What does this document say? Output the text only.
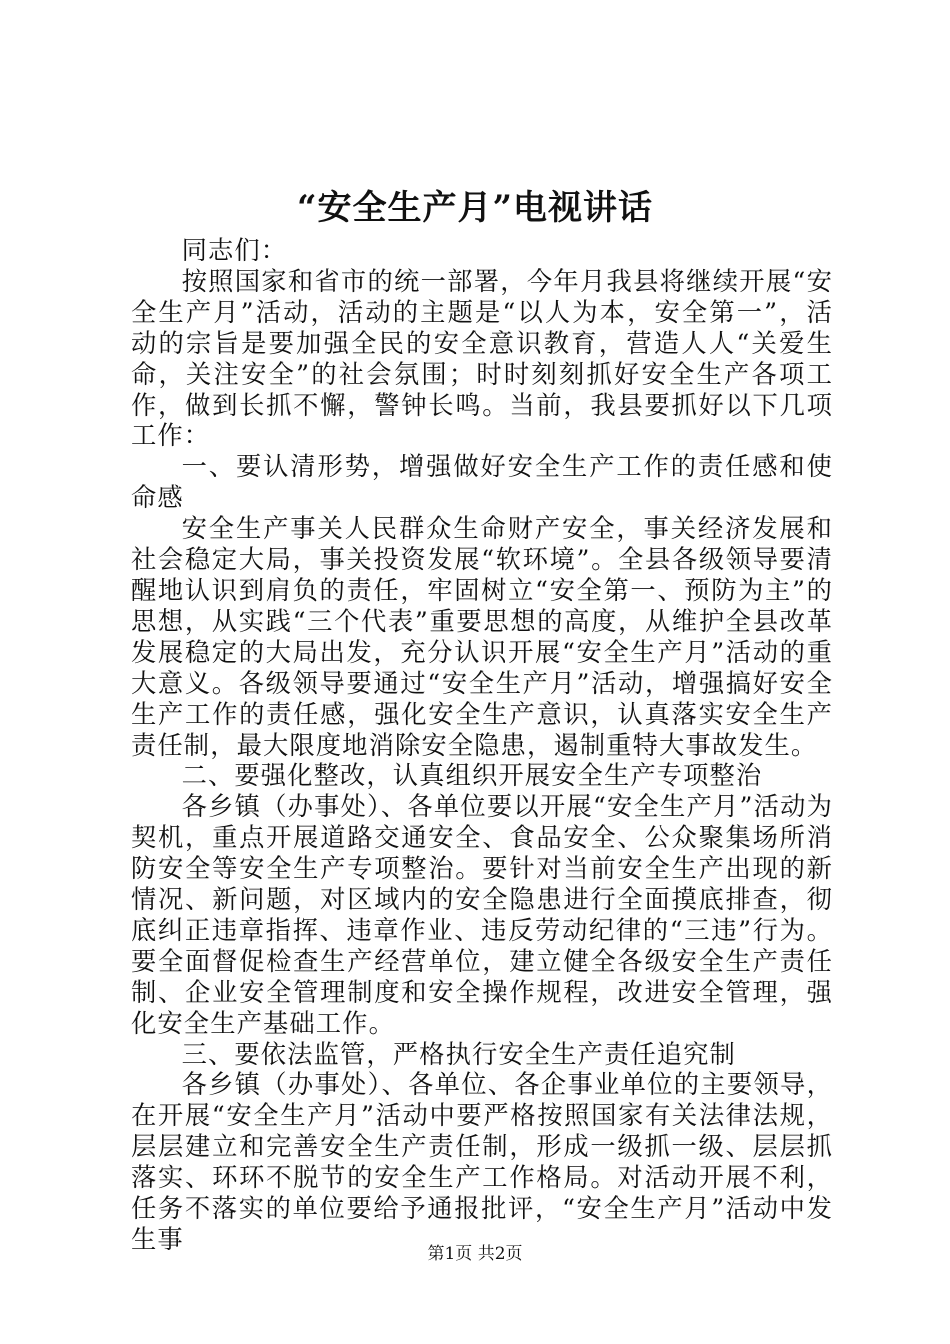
“安全生产月”电视讲话

同志们：

按照国家和省市的统一部署，今年月我县将继续开展“安全生产月”活动，活动的主题是“以人为本，安全第一”，活动的宗旨是要加强全民的安全意识教育，营造人人“关爱生命，关注安全”的社会氛围；时时刻刻抓好安全生产各项工作，做到长抓不懈，警钟长鸣。当前，我县要抓好以下几项工作：

一、要认清形势，增强做好安全生产工作的责任感和使命感

安全生产事关人民群众生命财产安全，事关经济发展和社会稳定大局，事关投资发展“软环境”。全县各级领导要清醒地认识到肩负的责任，牢固树立“安全第一、预防为主”的思想，从实践“三个代表”重要思想的高度，从维护全县改革发展稳定的大局出发，充分认识开展“安全生产月”活动的重大意义。各级领导要通过“安全生产月”活动，增强搞好安全生产工作的责任感，强化安全生产意识，认真落实安全生产责任制，最大限度地消除安全隐患，遏制重特大事故发生。

二、要强化整改，认真组织开展安全生产专项整治

各乡镇（办事处）、各单位要以开展“安全生产月”活动为契机，重点开展道路交通安全、食品安全、公众聚集场所消防安全等安全生产专项整治。要针对当前安全生产出现的新情况、新问题，对区域内的安全隐患进行全面摸底排查，彻底纠正违章指挥、违章作业、违反劳动纪律的“三违”行为。要全面督促检查生产经营单位，建立健全各级安全生产责任制、企业安全管理制度和安全操作规程，改进安全管理，强化安全生产基础工作。

三、要依法监管，严格执行安全生产责任追究制

各乡镇（办事处）、各单位、各企事业单位的主要领导，在开展“安全生产月”活动中要严格按照国家有关法律法规，层层建立和完善安全生产责任制，形成一级抓一级、层层抓落实、环环不脱节的安全生产工作格局。对活动开展不利，任务不落实的单位要给予通报批评，“安全生产月”活动中发生事	第1页 共2页
